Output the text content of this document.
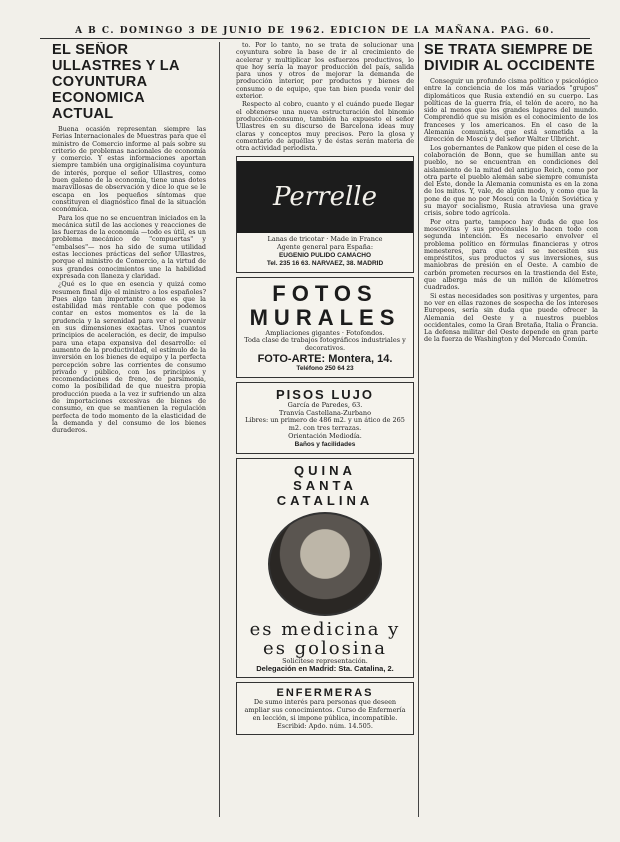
A B C. DOMINGO 3 DE JUNIO DE 1962. EDICION DE LA MAÑANA. PAG. 60.
EL SEÑOR ULLASTRES Y LA COYUNTURA ECONOMICA ACTUAL

Buena ocasión representan siempre las Ferias Internacionales de Muestras para que el ministro de Comercio informe al país sobre su criterio de problemas nacionales de economía y comercio. Y estas informaciones aportan siempre también una orgiginalísima coyuntura de interés, porque el señor Ullastres, como buen galeno de la economía, tiene unas dotes maravillosas de observación y dice lo que se le escapa en los pequeños síntomas que constituyen el diagnóstico final de la situación económica.

Para los que no se encuentran iniciados en la mecánica sutil de las acciones y reacciones de las fuerzas de la economía —todo es útil, es un problema mecánico de "compuertas" y "embalses"— nos ha sido de suma utilidad estas lecciones prácticas del señor Ullastres, porque el ministro de Comercio, a la virtud de sus grandes conocimientos une la habilidad expresada con llaneza y claridad.

¿Qué es lo que en esencia y quizá como resumen final dijo el ministro a los españoles? Pues algo tan importante como es que la estabilidad más rentable con que podemos contar en estos momentos es la de la prudencia y la serenidad para ver el porvenir en sus dimensiones exactas. Unos cuantos principios de aceleración, es decir, de impulso para una etapa expansiva del desarrollo: el aumento de la productividad, el estímulo de la inversión en los bienes de equipo y la perfecta percepción sobre las corrientes de consumo privado y público, con los principios y recomendaciones de freno, de parsimonia, como la posibilidad de que nuestra propia producción pueda a la vez ir sufriendo un alza de importaciones excesivas de bienes de consumo, en que se mantienen la regulación perfecta de todo momento de la elasticidad de la demanda y del consumo de los bienes duraderos.

to. Por lo tanto, no se trata de solucionar una coyuntura sobre la base de ir al crecimiento de acelerar y multiplicar los esfuerzos productivos, lo que hoy sería la mayor producción del país, salida para unos y otros de mejorar la demanda de producción interior, por productos y bienes de consumo o de equipo, que tan bien pueda venir del exterior.

Respecto al cobro, cuanto y el cuándo puede llegar el obtenerse una nueva estructuración del binomio producción-consumo, también ha expuesto el señor Ullastres en su discurso de Barcelona ideas muy claras y conceptos muy precisos. Pero la glosa y comentario de aquéllas y de éstas serán materia de otra actividad periodista.

Perrelle
Lanas de tricotar · Made in France
Agente general para España:
EUGENIO PULIDO CAMACHO
Tel. 235 16 63. NARVAEZ, 38. MADRID
FOTOS
MURALES
Ampliaciones gigantes · Fotofondos.
Toda clase de trabajos fotográficos industriales y decorativos.
FOTO-ARTE: Montera, 14.
Teléfono 250 64 23
PISOS LUJO
García de Paredes, 63.
Tranvía Castellana-Zurbano
Libres: un primero de 486 m2. y un ático de 265 m2. con tres terrazas.
Orientación Mediodía.
Baños y facilidades
QUINA
SANTA CATALINA
es medicina y
es golosina
Solicítese representación.
Delegación en Madrid: Sta. Catalina, 2.
ENFERMERAS
De sumo interés para personas que deseen ampliar sus conocimientos. Curso de Enfermería en lección, si impone pública, incompatible. Escribid: Apdo. núm. 14.505.
SE TRATA SIEMPRE DE DIVIDIR AL OCCIDENTE

Conseguir un profundo cisma político y psicológico entre la conciencia de los más variados "grupos" diplomáticos que Rusia extendió en su cuerpo. Las políticas de la guerra fría, el telón de acero, no ha sido al menos que los grandes lugares del mundo. Comprendió que su misión es el conocimiento de los franceses y los americanos. En el caso de la Alemania comunista, que está sometida a la dirección de Moscú y del señor Walter Ulbricht.

Los gobernantes de Pankow que piden el cese de la colaboración de Bonn, que se humillan ante su pueblo, no se encuentran en condiciones del aislamiento de la mitad del antiguo Reich, como por otra parte el pueblo alemán sabe siempre comunista del Este, donde la Alemania comunista es en la zona de los mitos. Y, vale, de algún modo, y como que la pone de que no por Moscú con la Unión Soviética y su mayor socialismo, Rusia atraviesa una grave crisis, sobre todo agrícola.

Por otra parte, tampoco hay duda de que los moscovitas y sus procónsules lo hacen todo con segunda intención. Es necesario envolver el problema político en fórmulas financieras y otros menesteres, para que así se necesiten sus empréstitos, sus productos y sus inversiones, sus maniobras de presión en el Oeste. A cambio de carbón prometen recursos en la trastienda del Este, que alberga más de un millón de kilómetros cuadrados.

Si estas necesidades son positivas y urgentes, para no ver en ellas razones de sospecha de los intereses Europeos, sería sin duda que puede ofrecer la Alemania del Oeste y a nuestros pueblos occidentales, como la Gran Bretaña, Italia o Francia. La defensa militar del Oeste depende en gran parte de la fuerza de Washington y del Mercado Común.
